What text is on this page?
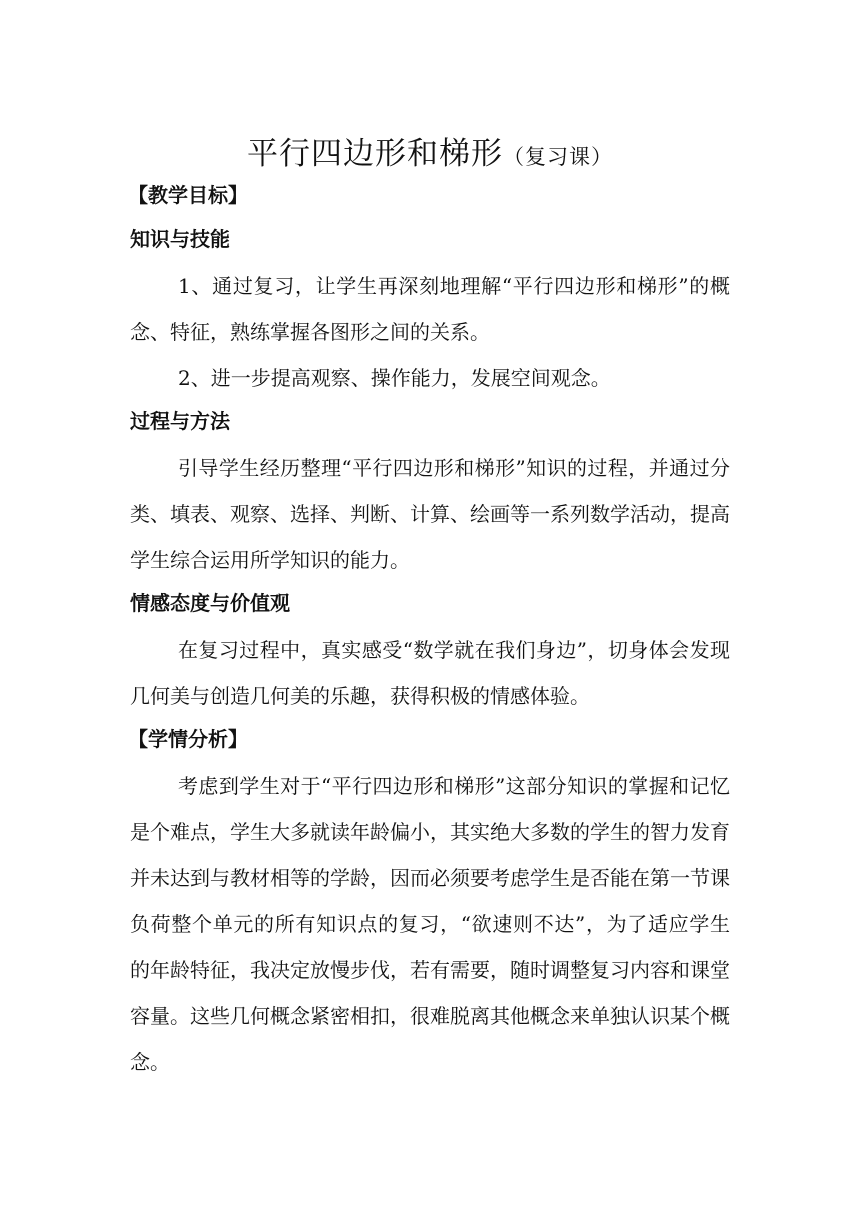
平行四边形和梯形（复习课）
【教学目标】
知识与技能

1、通过复习，让学生再深刻地理解“平行四边形和梯形”的概念、特征，熟练掌握各图形之间的关系。

2、进一步提高观察、操作能力，发展空间观念。

过程与方法

引导学生经历整理“平行四边形和梯形”知识的过程，并通过分类、填表、观察、选择、判断、计算、绘画等一系列数学活动，提高学生综合运用所学知识的能力。

情感态度与价值观

在复习过程中，真实感受“数学就在我们身边”，切身体会发现几何美与创造几何美的乐趣，获得积极的情感体验。

【学情分析】

考虑到学生对于“平行四边形和梯形”这部分知识的掌握和记忆是个难点，学生大多就读年龄偏小，其实绝大多数的学生的智力发育并未达到与教材相等的学龄，因而必须要考虑学生是否能在第一节课负荷整个单元的所有知识点的复习，“欲速则不达”，为了适应学生的年龄特征，我决定放慢步伐，若有需要，随时调整复习内容和课堂容量。这些几何概念紧密相扣，很难脱离其他概念来单独认识某个概念。
